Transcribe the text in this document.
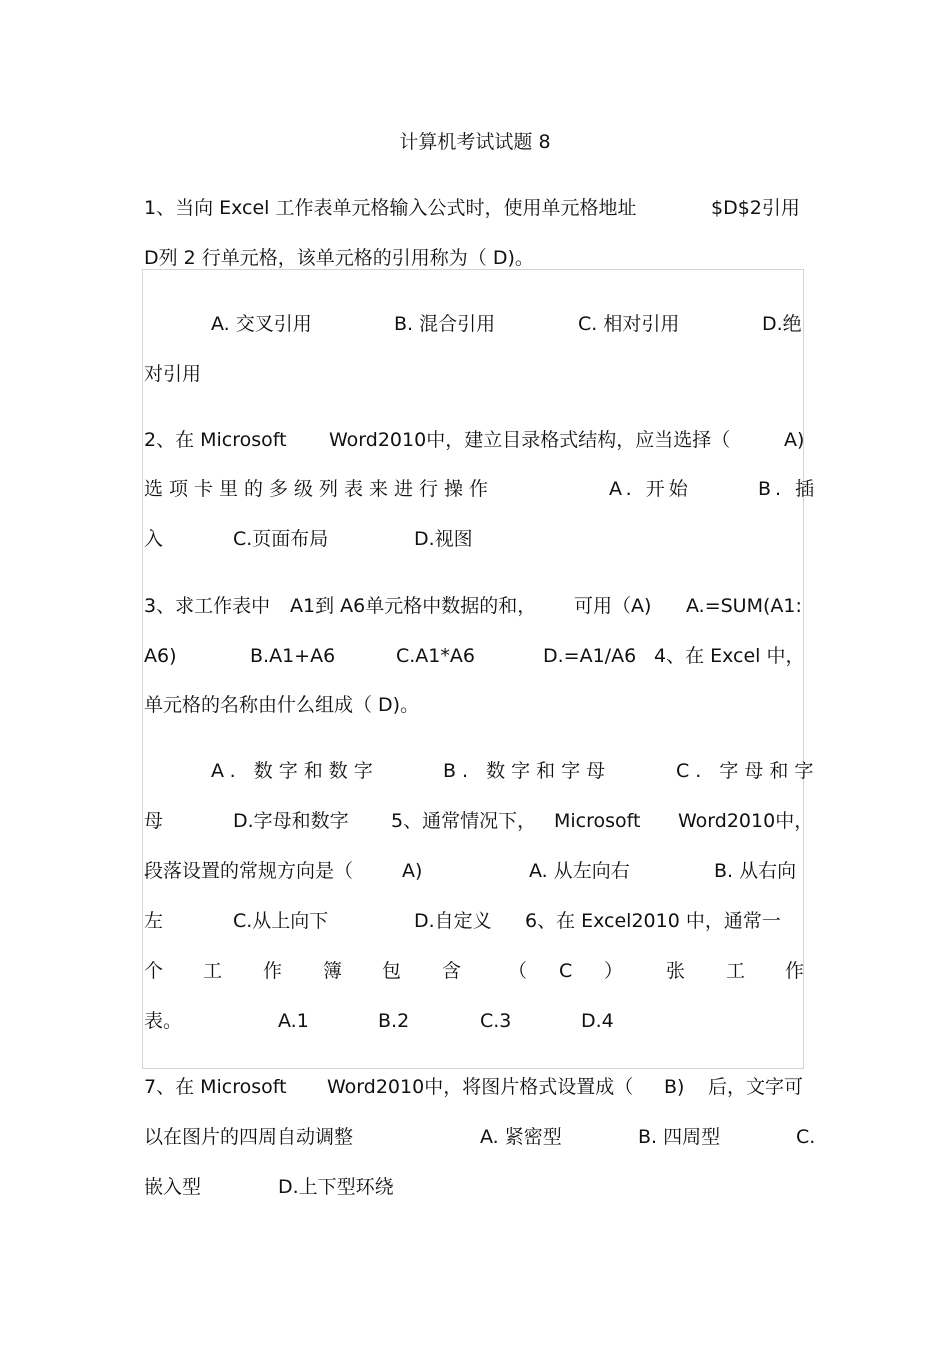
计算机考试试题 8
1、当向 Excel 工作表单元格输入公式时，使用单元格地址	$D$2引用
D列 2 行单元格，该单元格的引用称为（ D)。
A. 交叉引用	B. 混合引用	C. 相对引用	D.绝
对引用
2、在 Microsoft Word2010中，建立目录格式结构，应当选择（	A)
选项卡里的多级列表来进行操作	A. 开始	B. 插
入	C.页面布局	D.视图
3、求工作表中 A1到 A6单元格中数据的和， 可用（A) A.=SUM(A1:
A6)	B.A1+A6	C.A1*A6	D.=A1/A6 4、在 Excel 中，
单元格的名称由什么组成（ D)。
A. 数字和数字	B. 数字和字母	C. 字母和字
母	D.字母和数字 5、通常情况下， Microsoft Word2010中，
段落设置的常规方向是（	A)	A. 从左向右	B. 从右向
左	C.从上向下	D.自定义 6、在 Excel2010 中，通常一
个 工 作 簿 包 含 （ C ） 张 工 作
表。	A.1	B.2	C.3	D.4
7、在 Microsoft Word2010中，将图片格式设置成（ B) 后，文字可
以在图片的四周自动调整	A. 紧密型	B. 四周型	C.
嵌入型	D.上下型环绕
